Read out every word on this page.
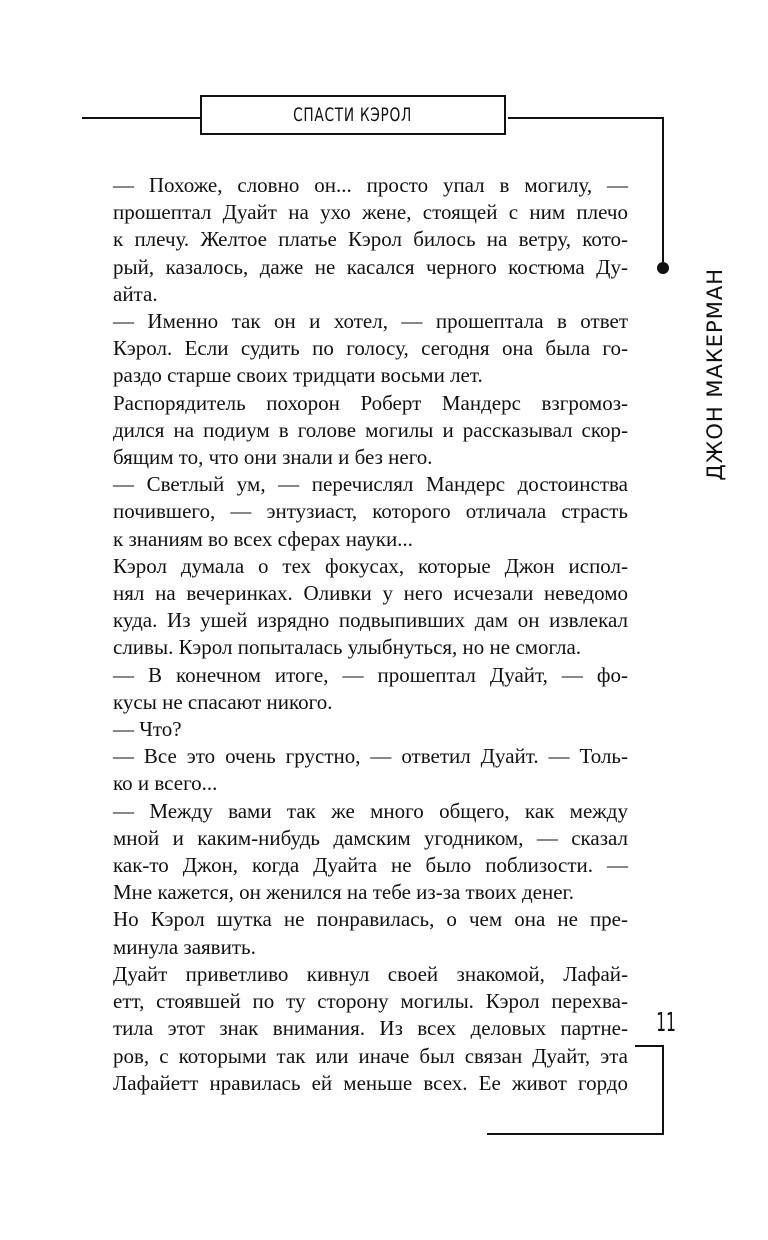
СПАСТИ КЭРОЛ
ДЖОН МАКЕРМАН

— Похоже, словно он... просто упал в могилу, —
прошептал Дуайт на ухо жене, стоящей с ним плечо
к плечу. Желтое платье Кэрол билось на ветру, кото-
рый, казалось, даже не касался черного костюма Ду-
айта.

— Именно так он и хотел, — прошептала в ответ
Кэрол. Если судить по голосу, сегодня она была го-
раздо старше своих тридцати восьми лет.

Распорядитель похорон Роберт Мандерс взгромоз-
дился на подиум в голове могилы и рассказывал скор-
бящим то, что они знали и без него.

— Светлый ум, — перечислял Мандерс достоинства
почившего, — энтузиаст, которого отличала страсть
к знаниям во всех сферах науки...

Кэрол думала о тех фокусах, которые Джон испол-
нял на вечеринках. Оливки у него исчезали неведомо
куда. Из ушей изрядно подвыпивших дам он извлекал
сливы. Кэрол попыталась улыбнуться, но не смогла.

— В конечном итоге, — прошептал Дуайт, — фо-
кусы не спасают никого.

— Что?

— Все это очень грустно, — ответил Дуайт. — Толь-
ко и всего...

— Между вами так же много общего, как между
мной и каким-нибудь дамским угодником, — сказал
как-то Джон, когда Дуайта не было поблизости. —
Мне кажется, он женился на тебе из-за твоих денег.

Но Кэрол шутка не понравилась, о чем она не пре-
минула заявить.

Дуайт приветливо кивнул своей знакомой, Лафай-
етт, стоявшей по ту сторону могилы. Кэрол перехва-
тила этот знак внимания. Из всех деловых партне-
ров, с которыми так или иначе был связан Дуайт, эта
Лафайетт нравилась ей меньше всех. Ее живот гордо

11
